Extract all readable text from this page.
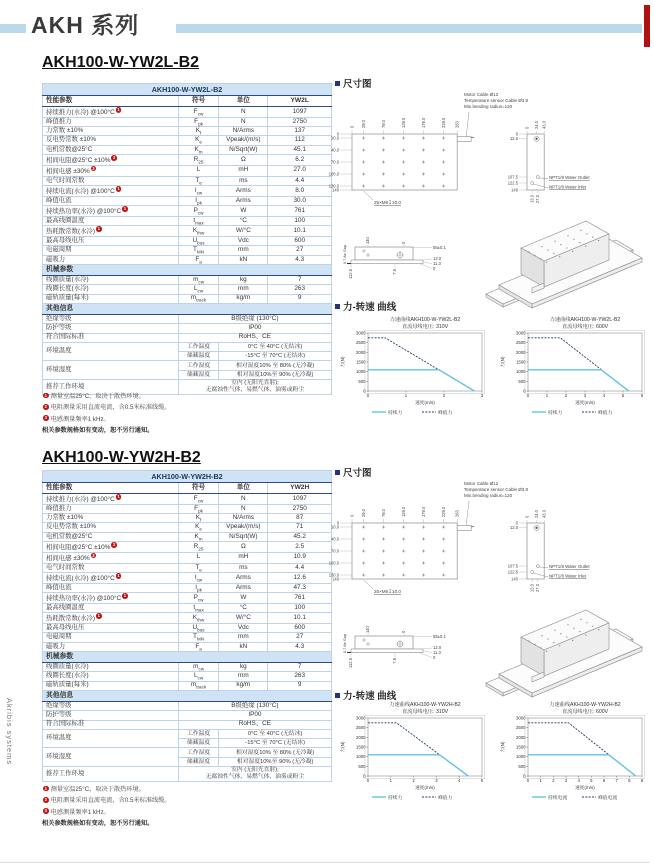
AKH 系列
Akribis systems
AKH100-W-YW2L-B2
AKH100-W-YW2L-B2			
性能参数	符号	单位	YW2L
持续推力(水冷) @100°C 1	$F_{cw}$	N	1097
峰值推力	$F_{pk}$	N	2750
力常数 ±10%	$K_f$	N/Arms	137
反电势常数 ±10%	$K_e$	Vpeak/(m/s)	112
电机常数@25°C	$K_m$	N/Sqrt(W)	45.1
相间电阻@25°C ±10% 2	$R_{25}$	Ω	6.2
相间电感 ±30% 3	L	mH	27.0
电气时间常数	$T_e$	ms	4.4
持续电流(水冷) @100°C 1	$I_{cw}$	Arms	8.0
峰值电流	$I_{pk}$	Arms	30.0
持续热功率(水冷) @100°C 1	$P_{cw}$	W	761
最高线圈温度	$t_{max}$	°C	100
热耗散常数(水冷) 1	$K_{thw}$	W/°C	10.1
最高母线电压	$U_{bus}$	Vdc	600
电磁周期	$T_{MN}$	mm	27
磁吸力	$F_a$	kN	4.3
机械参数			
线圈质量(水冷)	$m_{cw}$	kg	7
线圈长度(水冷)	$L_{cw}$	mm	263
磁轨质量(每米)	$m_{track}$	kg/m	9
其他信息			
绝缘等级	B级绝缘 (130°C)		
防护等级	IP00		
符合国际标准	RoHS、CE		
环境温度	工作温度	0°C 至 40°C (无结冰)	
	储藏温度	-15°C 至 70°C (无结冰)	
环境湿度	工作湿度	相对湿度10% 至 80% (无冷凝)	
	储藏湿度	相对湿度10%至 90% (无冷凝)	
推荐工作环境	室内 (无阳光直射);
无腐蚀性气体、易燃气体、油雾或粉尘		
1 测量室温25°C，取决于散热环境。
2 电阻测量采用直流电流，含0.5米标准线缆。
3 电感测量频率1 kHz。
相关参数规格如有变动，恕不另行通知。
尺寸图
0 29.0	79.0	129.0	179.0	229.0 263
0
10.0
40.0
70.0
100.0
130.0
140
25×M6↧10.0
Motor Cable Ø12
Temperature sensor Cable Ø3.8
Min.bending radius=120
0 24.0 43.0
0
12.0
107.5
122.5
140
13.0 27.0
NPT1/8 Water Outlet
NPT1/8 Water Inlet
55±0.1
12.0
11.3
0
140	0
0.7 Air Gap
112.5	7.5
力-转速 曲线
0
500
1000
1500
2000
2500
3000
0	1	2	3
力速曲线AKH100-W-YW2L-B2
直流母线电压: 310V
力(N)
速度(m/s)
持续力	峰值力

0
500
1000
1500
2000
2500
3000
0	1	2	3	4	5	6
力速曲线AKH100-W-YW2L-B2
直流母线电压: 600V
力(N)
速度(m/s)
持续力	峰值力
AKH100-W-YW2H-B2
AKH100-W-YW2H-B2			
性能参数	符号	单位	YW2H
持续推力(水冷) @100°C 1	$F_{cw}$	N	1097
峰值推力	$F_{pk}$	N	2750
力常数 ±10%	$K_f$	N/Arms	87
反电势常数 ±10%	$K_e$	Vpeak/(m/s)	71
电机常数@25°C	$K_m$	N/Sqrt(W)	45.2
相间电阻@25°C ±10% 2	$R_{25}$	Ω	2.5
相间电感 ±30% 3	L	mH	10.9
电气时间常数	$T_e$	ms	4.4
持续电流(水冷) @100°C 1	$I_{cw}$	Arms	12.6
峰值电流	$I_{pk}$	Arms	47.3
持续热功率(水冷) @100°C 1	$P_{cw}$	W	761
最高线圈温度	$t_{max}$	°C	100
热耗散常数(水冷) 1	$K_{thw}$	W/°C	10.1
最高母线电压	$U_{bus}$	Vdc	600
电磁周期	$T_{MN}$	mm	27
磁吸力	$F_a$	kN	4.3
机械参数			
线圈质量(水冷)	$m_{cw}$	kg	7
线圈长度(水冷)	$L_{cw}$	mm	263
磁轨质量(每米)	$m_{track}$	kg/m	9
其他信息			
绝缘等级	B级绝缘 (130°C)		
防护等级	IP00		
符合国际标准	RoHS、CE		
环境温度	工作温度	0°C 至 40°C (无结冰)	
	储藏温度	-15°C 至 70°C (无结冰)	
环境湿度	工作湿度	相对湿度10% 至 80% (无冷凝)	
	储藏湿度	相对湿度10%至 90% (无冷凝)	
推荐工作环境	室内 (无阳光直射);
无腐蚀性气体、易燃气体、油雾或粉尘		
1 测量室温25°C，取决于散热环境。
2 电阻测量采用直流电流，含0.5米标准线缆。
3 电感测量频率1 kHz。
相关参数规格如有变动，恕不另行通知。
尺寸图
0 29.0	79.0	129.0	179.0	229.0 263
0
10.0
40.0
70.0
100.0
130.0
140
25×M6↧10.0
Motor Cable Ø12
Temperature sensor Cable Ø3.8
Min.bending radius=120
0 24.0 43.0
0
12.0
107.5
122.5
140
13.0 27.0
NPT1/8 Water Outlet
NPT1/8 Water Inlet
55±0.1
12.0
11.3
0
140	0
0.7 Air Gap
112.5	7.5
力-转速 曲线
0
500
1000
1500
2000
2500
3000
0	1	2	3	4	5
力速曲线AKH100-W-YW2H-B2
直流母线电压: 310V
力(N)
速度(m/s)
持续力	峰值力

0
500
1000
1500
2000
2500
3000
0 1 2 3 4 5 6 7 8 9
力速曲线AKH100-W-YW2H-B2
直流母线电压: 600V
力(N)
速度(m/s)
持续电流	峰值电流
